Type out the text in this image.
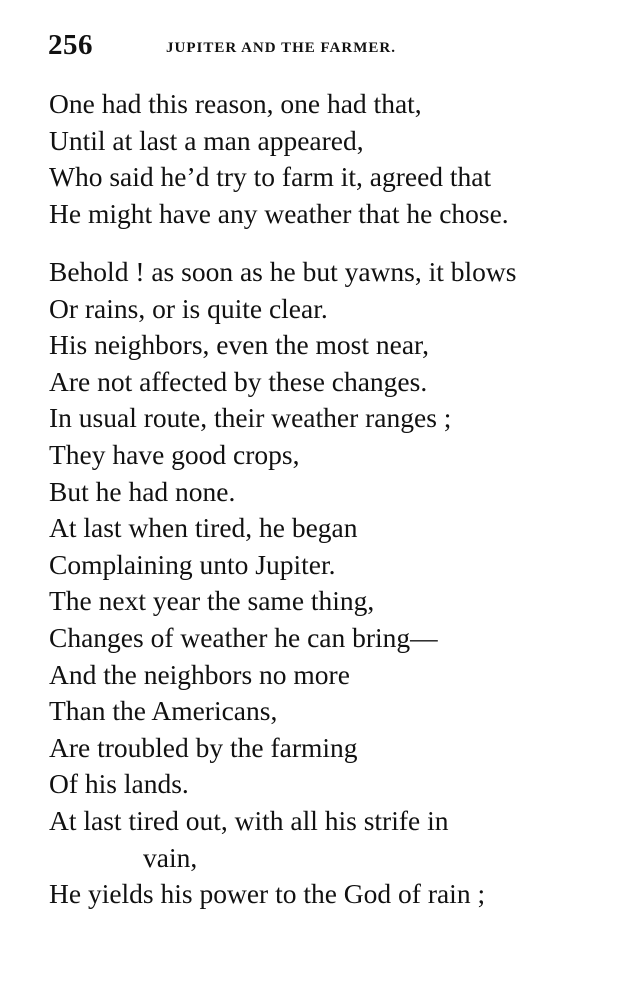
256	JUPITER AND THE FARMER.
One had this reason, one had that,
Until at last a man appeared,
Who said he’d try to farm it, agreed that
He might have any weather that he chose.
Behold ! as soon as he but yawns, it blows
Or rains, or is quite clear.
His neighbors, even the most near,
Are not affected by these changes.
In usual route, their weather ranges ;
They have good crops,
But he had none.
At last when tired, he began
Complaining unto Jupiter.
The next year the same thing,
Changes of weather he can bring—
And the neighbors no more
Than the Americans,
Are troubled by the farming
Of his lands.
At last tired out, with all his strife in
vain,
He yields his power to the God of rain ;
